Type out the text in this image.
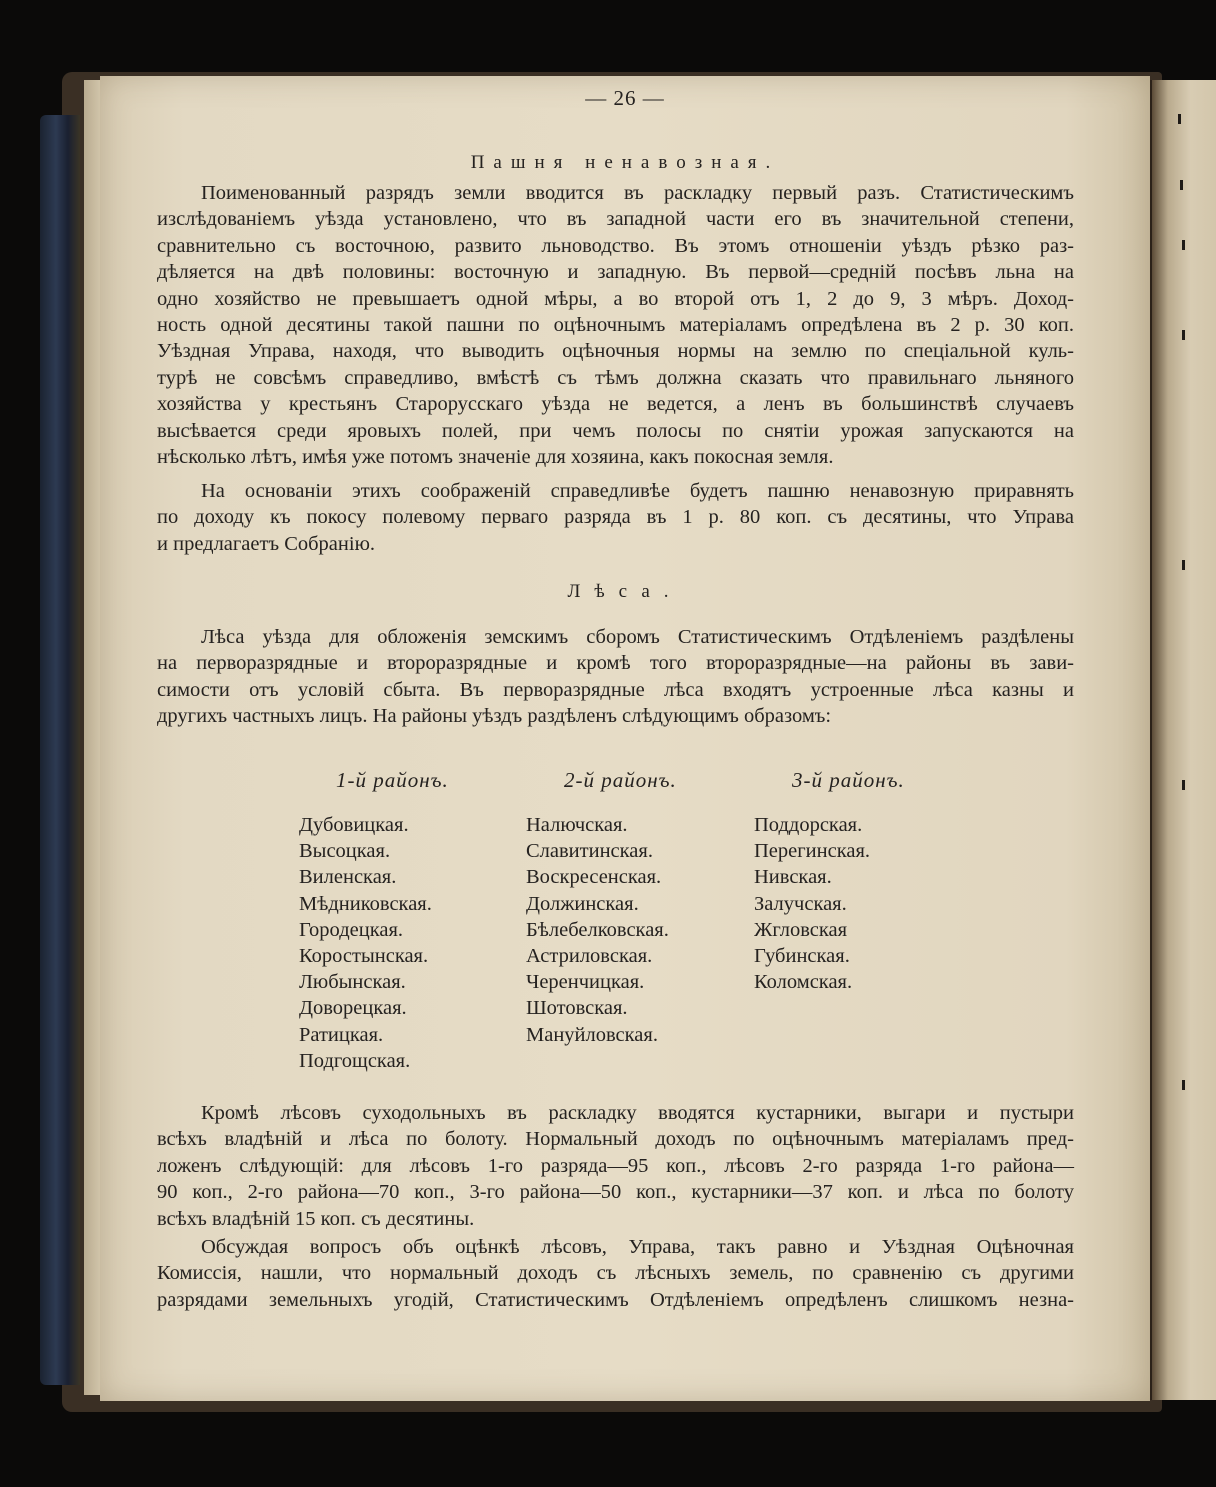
— 26 —
Пашня ненавозная.
Поименованный разрядъ земли вводится въ раскладку первый разъ. Статистическимъ
изслѣдованіемъ уѣзда установлено, что въ западной части его въ значительной степени,
сравнительно съ восточною, развито льноводство. Въ этомъ отношеніи уѣздъ рѣзко раз-
дѣляется на двѣ половины: восточную и западную. Въ первой—среднiй посѣвъ льна на
одно хозяйство не превышаетъ одной мѣры, а во второй отъ 1, 2 до 9, 3 мѣръ. Доход-
ность одной десятины такой пашни по оцѣночнымъ матеріаламъ опредѣлена въ 2 р. 30 коп.
Уѣздная Управа, находя, что выводить оцѣночныя нормы на землю по спеціальной куль-
турѣ не совсѣмъ справедливо, вмѣстѣ съ тѣмъ должна сказать что правильнаго льняного
хозяйства у крестьянъ Старорусскаго уѣзда не ведется, а ленъ въ большинствѣ случаевъ
высѣвается среди яровыхъ полей, при чемъ полосы по снятіи урожая запускаются на
нѣсколько лѣтъ, имѣя уже потомъ значеніе для хозяина, какъ покосная земля.
На основаніи этихъ соображеній справедливѣе будетъ пашню ненавозную приравнять
по доходу къ покосу полевому перваго разряда въ 1 р. 80 коп. съ десятины, что Управа
и предлагаетъ Собранію.
Лѣса.
Лѣса уѣзда для обложенія земскимъ сборомъ Статистическимъ Отдѣленіемъ раздѣлены
на перворазрядные и второразрядные и кромѣ того второразрядные—на районы въ зави-
симости отъ условій сбыта. Въ перворазрядные лѣса входятъ устроенные лѣса казны и
другихъ частныхъ лицъ. На районы уѣздъ раздѣленъ слѣдующимъ образомъ:
1-й районъ.	2-й районъ.	3-й районъ.
Дубовицкая.
Высоцкая.
Виленская.
Мѣдниковская.
Городецкая.
Коростынская.
Любынская.
Доворецкая.
Ратицкая.
Подгощская.
Налючская.
Славитинская.
Воскресенская.
Должинская.
Бѣлебелковская.
Астриловская.
Черенчицкая.
Шотовская.
Мануйловская.
Поддорская.
Перегинская.
Нивская.
Залучская.
Жгловская
Губинская.
Коломская.
Кромѣ лѣсовъ суходольныхъ въ раскладку вводятся кустарники, выгари и пустыри
всѣхъ владѣній и лѣса по болоту. Нормальный доходъ по оцѣночнымъ матеріаламъ пред-
ложенъ слѣдующій: для лѣсовъ 1-го разряда—95 коп., лѣсовъ 2-го разряда 1-го района—
90 коп., 2-го района—70 коп., 3-го района—50 коп., кустарники—37 коп. и лѣса по болоту
всѣхъ владѣній 15 коп. съ десятины.
Обсуждая вопросъ объ оцѣнкѣ лѣсовъ, Управа, такъ равно и Уѣздная Оцѣночная
Комиссія, нашли, что нормальный доходъ съ лѣсныхъ земель, по сравненію съ другими
разрядами земельныхъ угодій, Статистическимъ Отдѣленіемъ опредѣленъ слишкомъ незна-
